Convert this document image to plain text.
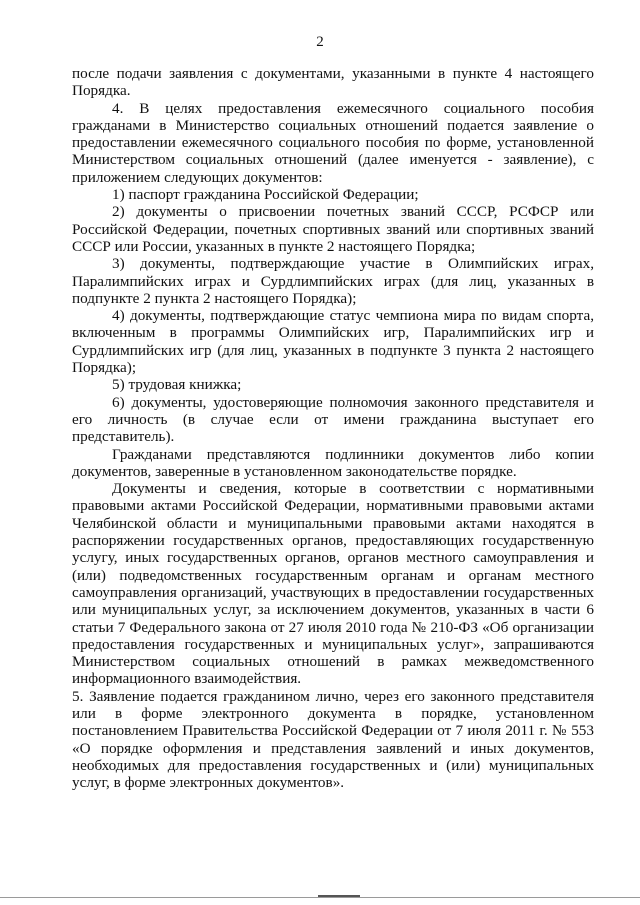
2

после подачи заявления с документами, указанными в пункте 4 настоящего Порядка.

4. В целях предоставления ежемесячного социального пособия гражданами в Министерство социальных отношений подается заявление о предоставлении ежемесячного социального пособия по форме, установленной Министерством социальных отношений (далее именуется - заявление), с приложением следующих документов:

1) паспорт гражданина Российской Федерации;

2) документы о присвоении почетных званий СССР, РСФСР или Российской Федерации, почетных спортивных званий или спортивных званий СССР или России, указанных в пункте 2 настоящего Порядка;

3) документы, подтверждающие участие в Олимпийских играх, Паралимпийских играх и Сурдлимпийских играх (для лиц, указанных в подпункте 2 пункта 2 настоящего Порядка);

4) документы, подтверждающие статус чемпиона мира по видам спорта, включенным в программы Олимпийских игр, Паралимпийских игр и Сурдлимпийских игр (для лиц, указанных в подпункте 3 пункта 2 настоящего Порядка);

5) трудовая книжка;

6) документы, удостоверяющие полномочия законного представителя и его личность (в случае если от имени гражданина выступает его представитель).

Гражданами представляются подлинники документов либо копии документов, заверенные в установленном законодательстве порядке.

Документы и сведения, которые в соответствии с нормативными правовыми актами Российской Федерации, нормативными правовыми актами Челябинской области и муниципальными правовыми актами находятся в распоряжении государственных органов, предоставляющих государственную услугу, иных государственных органов, органов местного самоуправления и (или) подведомственных государственным органам и органам местного самоуправления организаций, участвующих в предоставлении государственных или муниципальных услуг, за исключением документов, указанных в части 6 статьи 7 Федерального закона от 27 июля 2010 года № 210-ФЗ «Об организации предоставления государственных и муниципальных услуг», запрашиваются Министерством социальных отношений в рамках межведомственного информационного взаимодействия.

5. Заявление подается гражданином лично, через его законного представителя или в форме электронного документа в порядке, установленном постановлением Правительства Российской Федерации от 7 июля 2011 г. № 553 «О порядке оформления и представления заявлений и иных документов, необходимых для предоставления государственных и (или) муниципальных услуг, в форме электронных документов».
